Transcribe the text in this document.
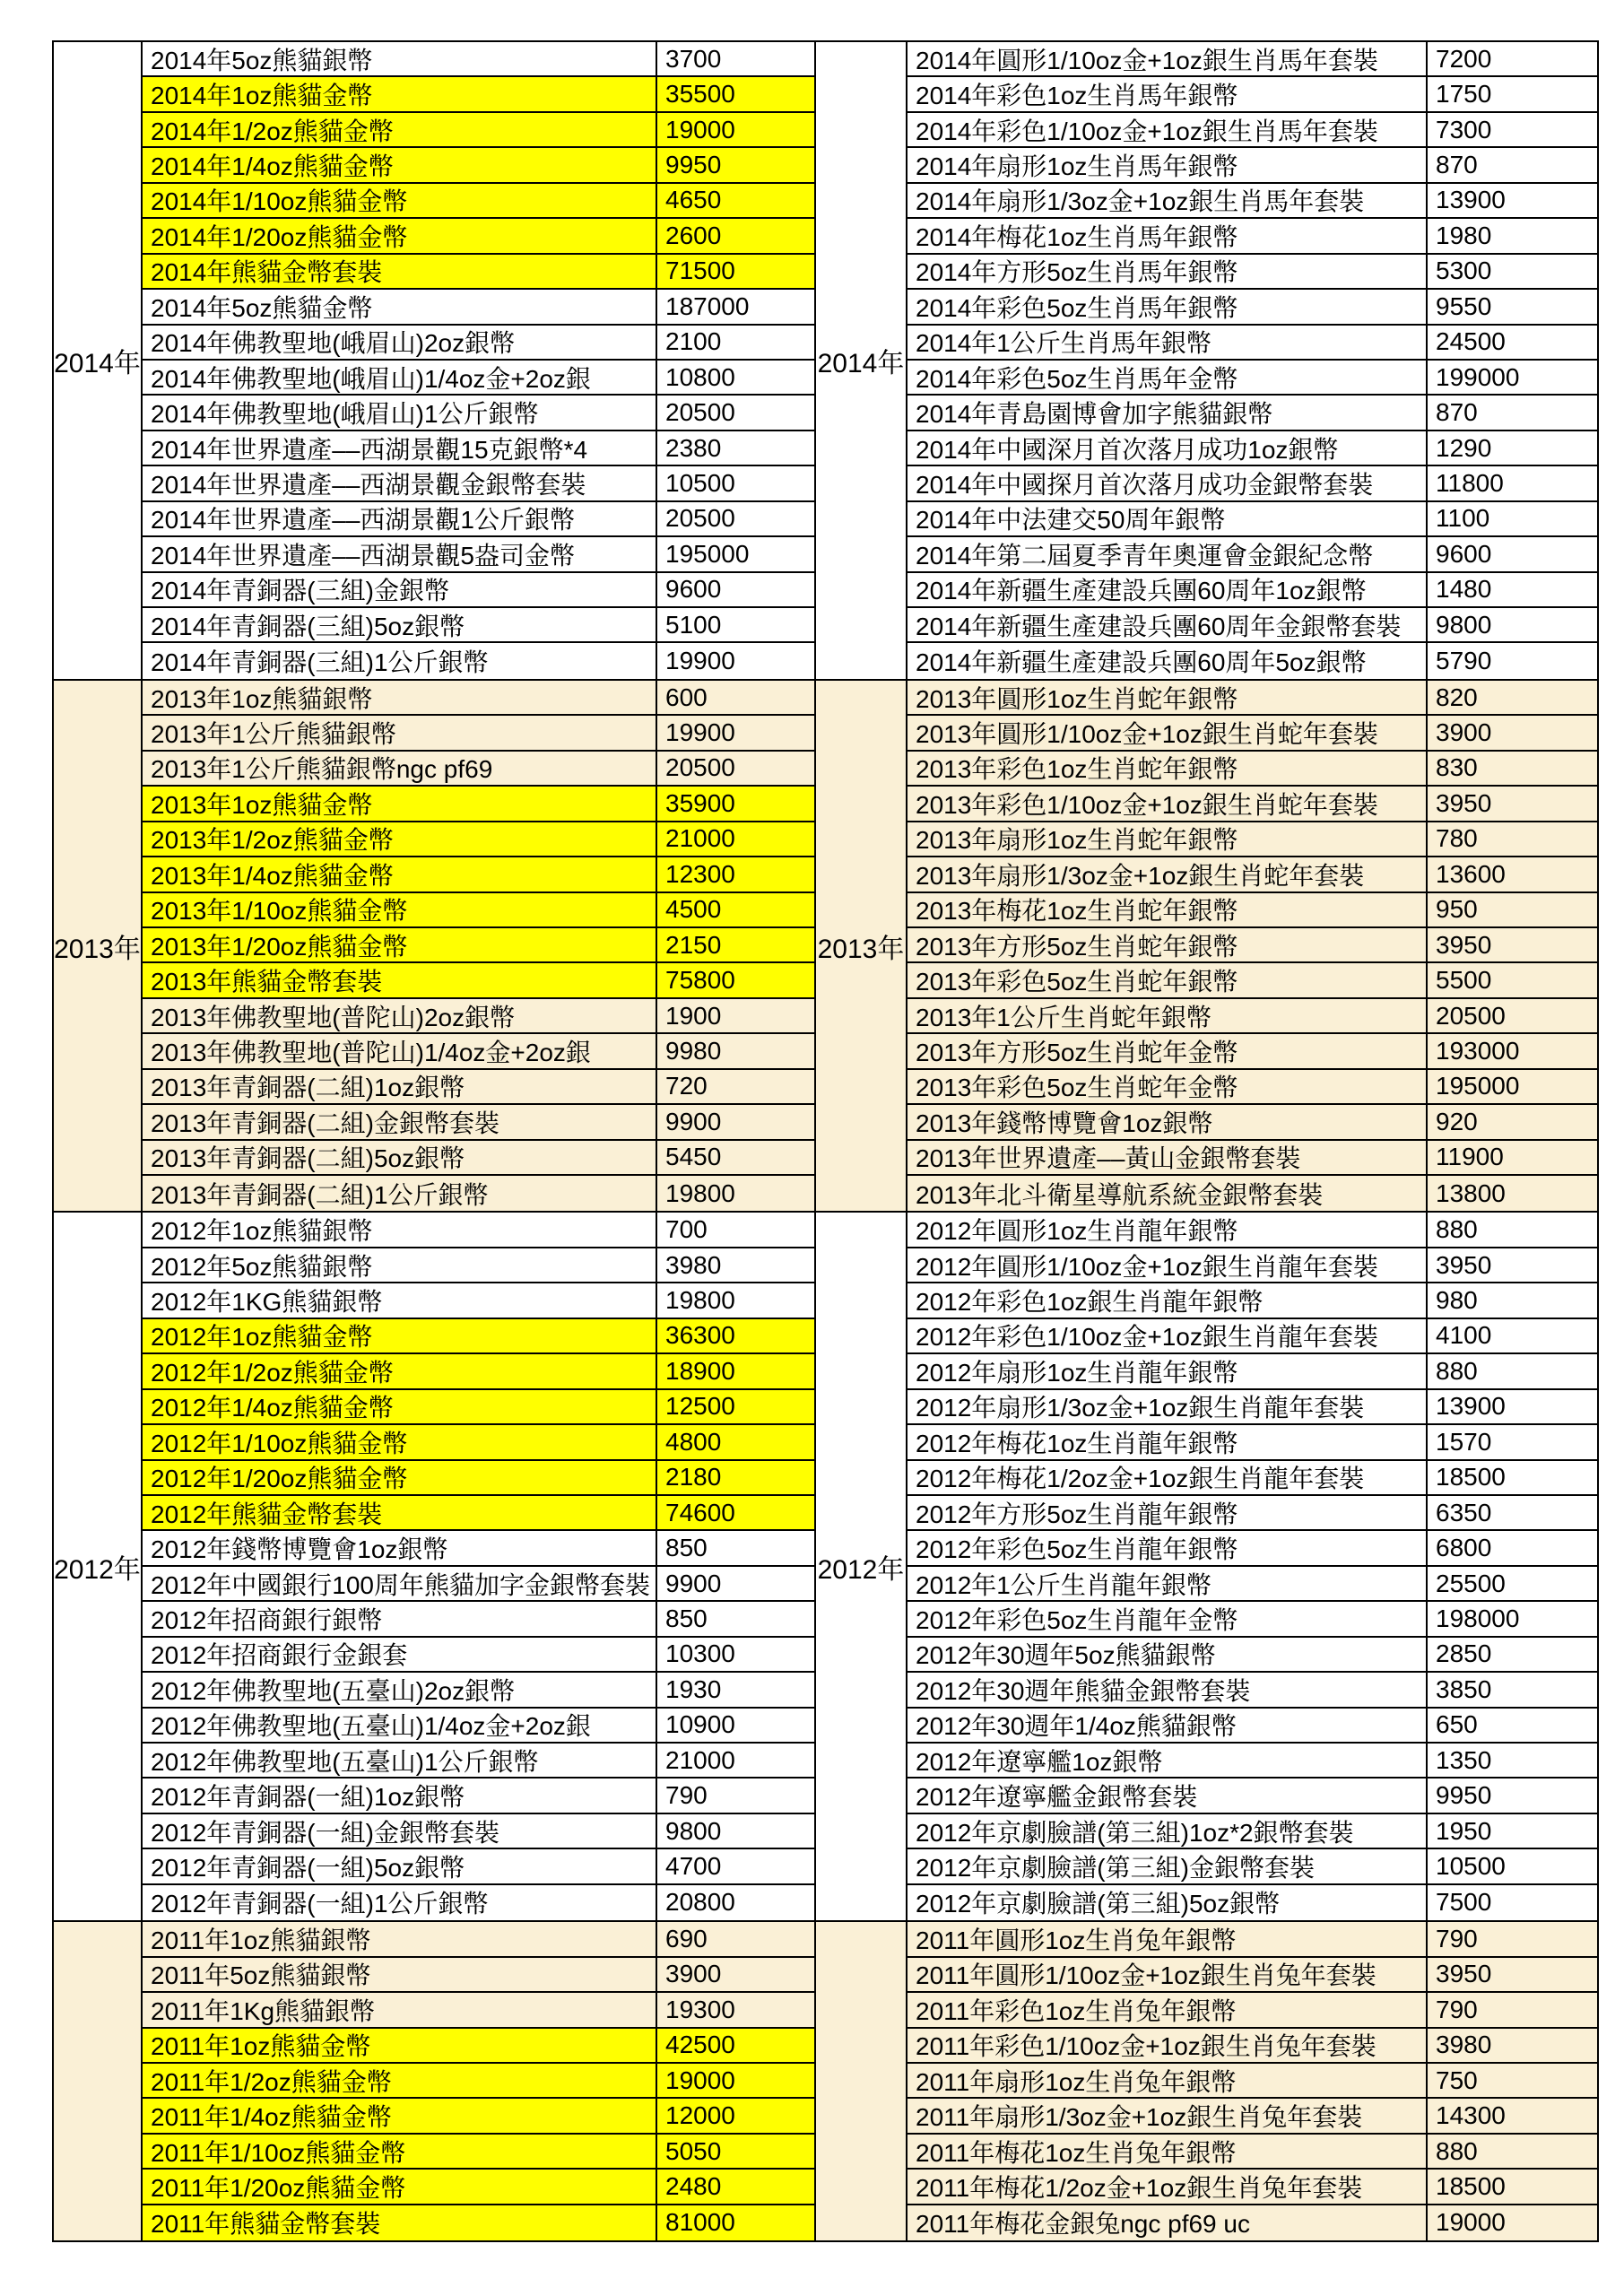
2014年
2014年5oz熊貓銀幣	3700
2014年1oz熊貓金幣	35500
2014年1/2oz熊貓金幣	19000
2014年1/4oz熊貓金幣	9950
2014年1/10oz熊貓金幣	4650
2014年1/20oz熊貓金幣	2600
2014年熊貓金幣套裝	71500
2014年5oz熊貓金幣	187000
2014年佛教聖地(峨眉山)2oz銀幣	2100
2014年佛教聖地(峨眉山)1/4oz金+2oz銀	10800
2014年佛教聖地(峨眉山)1公斤銀幣	20500
2014年世界遺產––西湖景觀15克銀幣*4	2380
2014年世界遺產––西湖景觀金銀幣套裝	10500
2014年世界遺產––西湖景觀1公斤銀幣	20500
2014年世界遺產––西湖景觀5盎司金幣	195000
2014年青銅器(三組)金銀幣	9600
2014年青銅器(三組)5oz銀幣	5100
2014年青銅器(三組)1公斤銀幣	19900
2013年
2013年1oz熊貓銀幣	600
2013年1公斤熊貓銀幣	19900
2013年1公斤熊貓銀幣ngc pf69	20500
2013年1oz熊貓金幣	35900
2013年1/2oz熊貓金幣	21000
2013年1/4oz熊貓金幣	12300
2013年1/10oz熊貓金幣	4500
2013年1/20oz熊貓金幣	2150
2013年熊貓金幣套裝	75800
2013年佛教聖地(普陀山)2oz銀幣	1900
2013年佛教聖地(普陀山)1/4oz金+2oz銀	9980
2013年青銅器(二組)1oz銀幣	720
2013年青銅器(二組)金銀幣套裝	9900
2013年青銅器(二組)5oz銀幣	5450
2013年青銅器(二組)1公斤銀幣	19800
2012年
2012年1oz熊貓銀幣	700
2012年5oz熊貓銀幣	3980
2012年1KG熊貓銀幣	19800
2012年1oz熊貓金幣	36300
2012年1/2oz熊貓金幣	18900
2012年1/4oz熊貓金幣	12500
2012年1/10oz熊貓金幣	4800
2012年1/20oz熊貓金幣	2180
2012年熊貓金幣套裝	74600
2012年錢幣博覽會1oz銀幣	850
2012年中國銀行100周年熊貓加字金銀幣套裝 9900
2012年招商銀行銀幣	850
2012年招商銀行金銀套	10300
2012年佛教聖地(五臺山)2oz銀幣	1930
2012年佛教聖地(五臺山)1/4oz金+2oz銀	10900
2012年佛教聖地(五臺山)1公斤銀幣	21000
2012年青銅器(一組)1oz銀幣	790
2012年青銅器(一組)金銀幣套裝	9800
2012年青銅器(一組)5oz銀幣	4700
2012年青銅器(一組)1公斤銀幣	20800
2011年1oz熊貓銀幣	690
2011年5oz熊貓銀幣	3900
2011年1Kg熊貓銀幣	19300
2011年1oz熊貓金幣	42500
2011年1/2oz熊貓金幣	19000
2011年1/4oz熊貓金幣	12000
2011年1/10oz熊貓金幣	5050
2011年1/20oz熊貓金幣	2480
2011年熊貓金幣套裝	81000
2014年
2014年圓形1/10oz金+1oz銀生肖馬年套裝	7200
2014年彩色1oz生肖馬年銀幣	1750
2014年彩色1/10oz金+1oz銀生肖馬年套裝	7300
2014年扇形1oz生肖馬年銀幣	870
2014年扇形1/3oz金+1oz銀生肖馬年套裝	13900
2014年梅花1oz生肖馬年銀幣	1980
2014年方形5oz生肖馬年銀幣	5300
2014年彩色5oz生肖馬年銀幣	9550
2014年1公斤生肖馬年銀幣	24500
2014年彩色5oz生肖馬年金幣	199000
2014年青島園博會加字熊貓銀幣	870
2014年中國深月首次落月成功1oz銀幣	1290
2014年中國探月首次落月成功金銀幣套裝	11800
2014年中法建交50周年銀幣	1100
2014年第二屆夏季青年奧運會金銀紀念幣	9600
2014年新疆生產建設兵團60周年1oz銀幣	1480
2014年新疆生產建設兵團60周年金銀幣套裝	9800
2014年新疆生產建設兵團60周年5oz銀幣	5790
2013年
2013年圓形1oz生肖蛇年銀幣	820
2013年圓形1/10oz金+1oz銀生肖蛇年套裝	3900
2013年彩色1oz生肖蛇年銀幣	830
2013年彩色1/10oz金+1oz銀生肖蛇年套裝	3950
2013年扇形1oz生肖蛇年銀幣	780
2013年扇形1/3oz金+1oz銀生肖蛇年套裝	13600
2013年梅花1oz生肖蛇年銀幣	950
2013年方形5oz生肖蛇年銀幣	3950
2013年彩色5oz生肖蛇年銀幣	5500
2013年1公斤生肖蛇年銀幣	20500
2013年方形5oz生肖蛇年金幣	193000
2013年彩色5oz生肖蛇年金幣	195000
2013年錢幣博覽會1oz銀幣	920
2013年世界遺產––黃山金銀幣套裝	11900
2013年北斗衛星導航系統金銀幣套裝	13800
2012年
2012年圓形1oz生肖龍年銀幣	880
2012年圓形1/10oz金+1oz銀生肖龍年套裝	3950
2012年彩色1oz銀生肖龍年銀幣	980
2012年彩色1/10oz金+1oz銀生肖龍年套裝	4100
2012年扇形1oz生肖龍年銀幣	880
2012年扇形1/3oz金+1oz銀生肖龍年套裝	13900
2012年梅花1oz生肖龍年銀幣	1570
2012年梅花1/2oz金+1oz銀生肖龍年套裝	18500
2012年方形5oz生肖龍年銀幣	6350
2012年彩色5oz生肖龍年銀幣	6800
2012年1公斤生肖龍年銀幣	25500
2012年彩色5oz生肖龍年金幣	198000
2012年30週年5oz熊貓銀幣	2850
2012年30週年熊貓金銀幣套裝	3850
2012年30週年1/4oz熊貓銀幣	650
2012年遼寧艦1oz銀幣	1350
2012年遼寧艦金銀幣套裝	9950
2012年京劇臉譜(第三組)1oz*2銀幣套裝	1950
2012年京劇臉譜(第三組)金銀幣套裝	10500
2012年京劇臉譜(第三組)5oz銀幣	7500
2011年圓形1oz生肖兔年銀幣	790
2011年圓形1/10oz金+1oz銀生肖兔年套裝	3950
2011年彩色1oz生肖兔年銀幣	790
2011年彩色1/10oz金+1oz銀生肖兔年套裝	3980
2011年扇形1oz生肖兔年銀幣	750
2011年扇形1/3oz金+1oz銀生肖兔年套裝	14300
2011年梅花1oz生肖兔年銀幣	880
2011年梅花1/2oz金+1oz銀生肖兔年套裝	18500
2011年梅花金銀兔ngc pf69 uc	19000
